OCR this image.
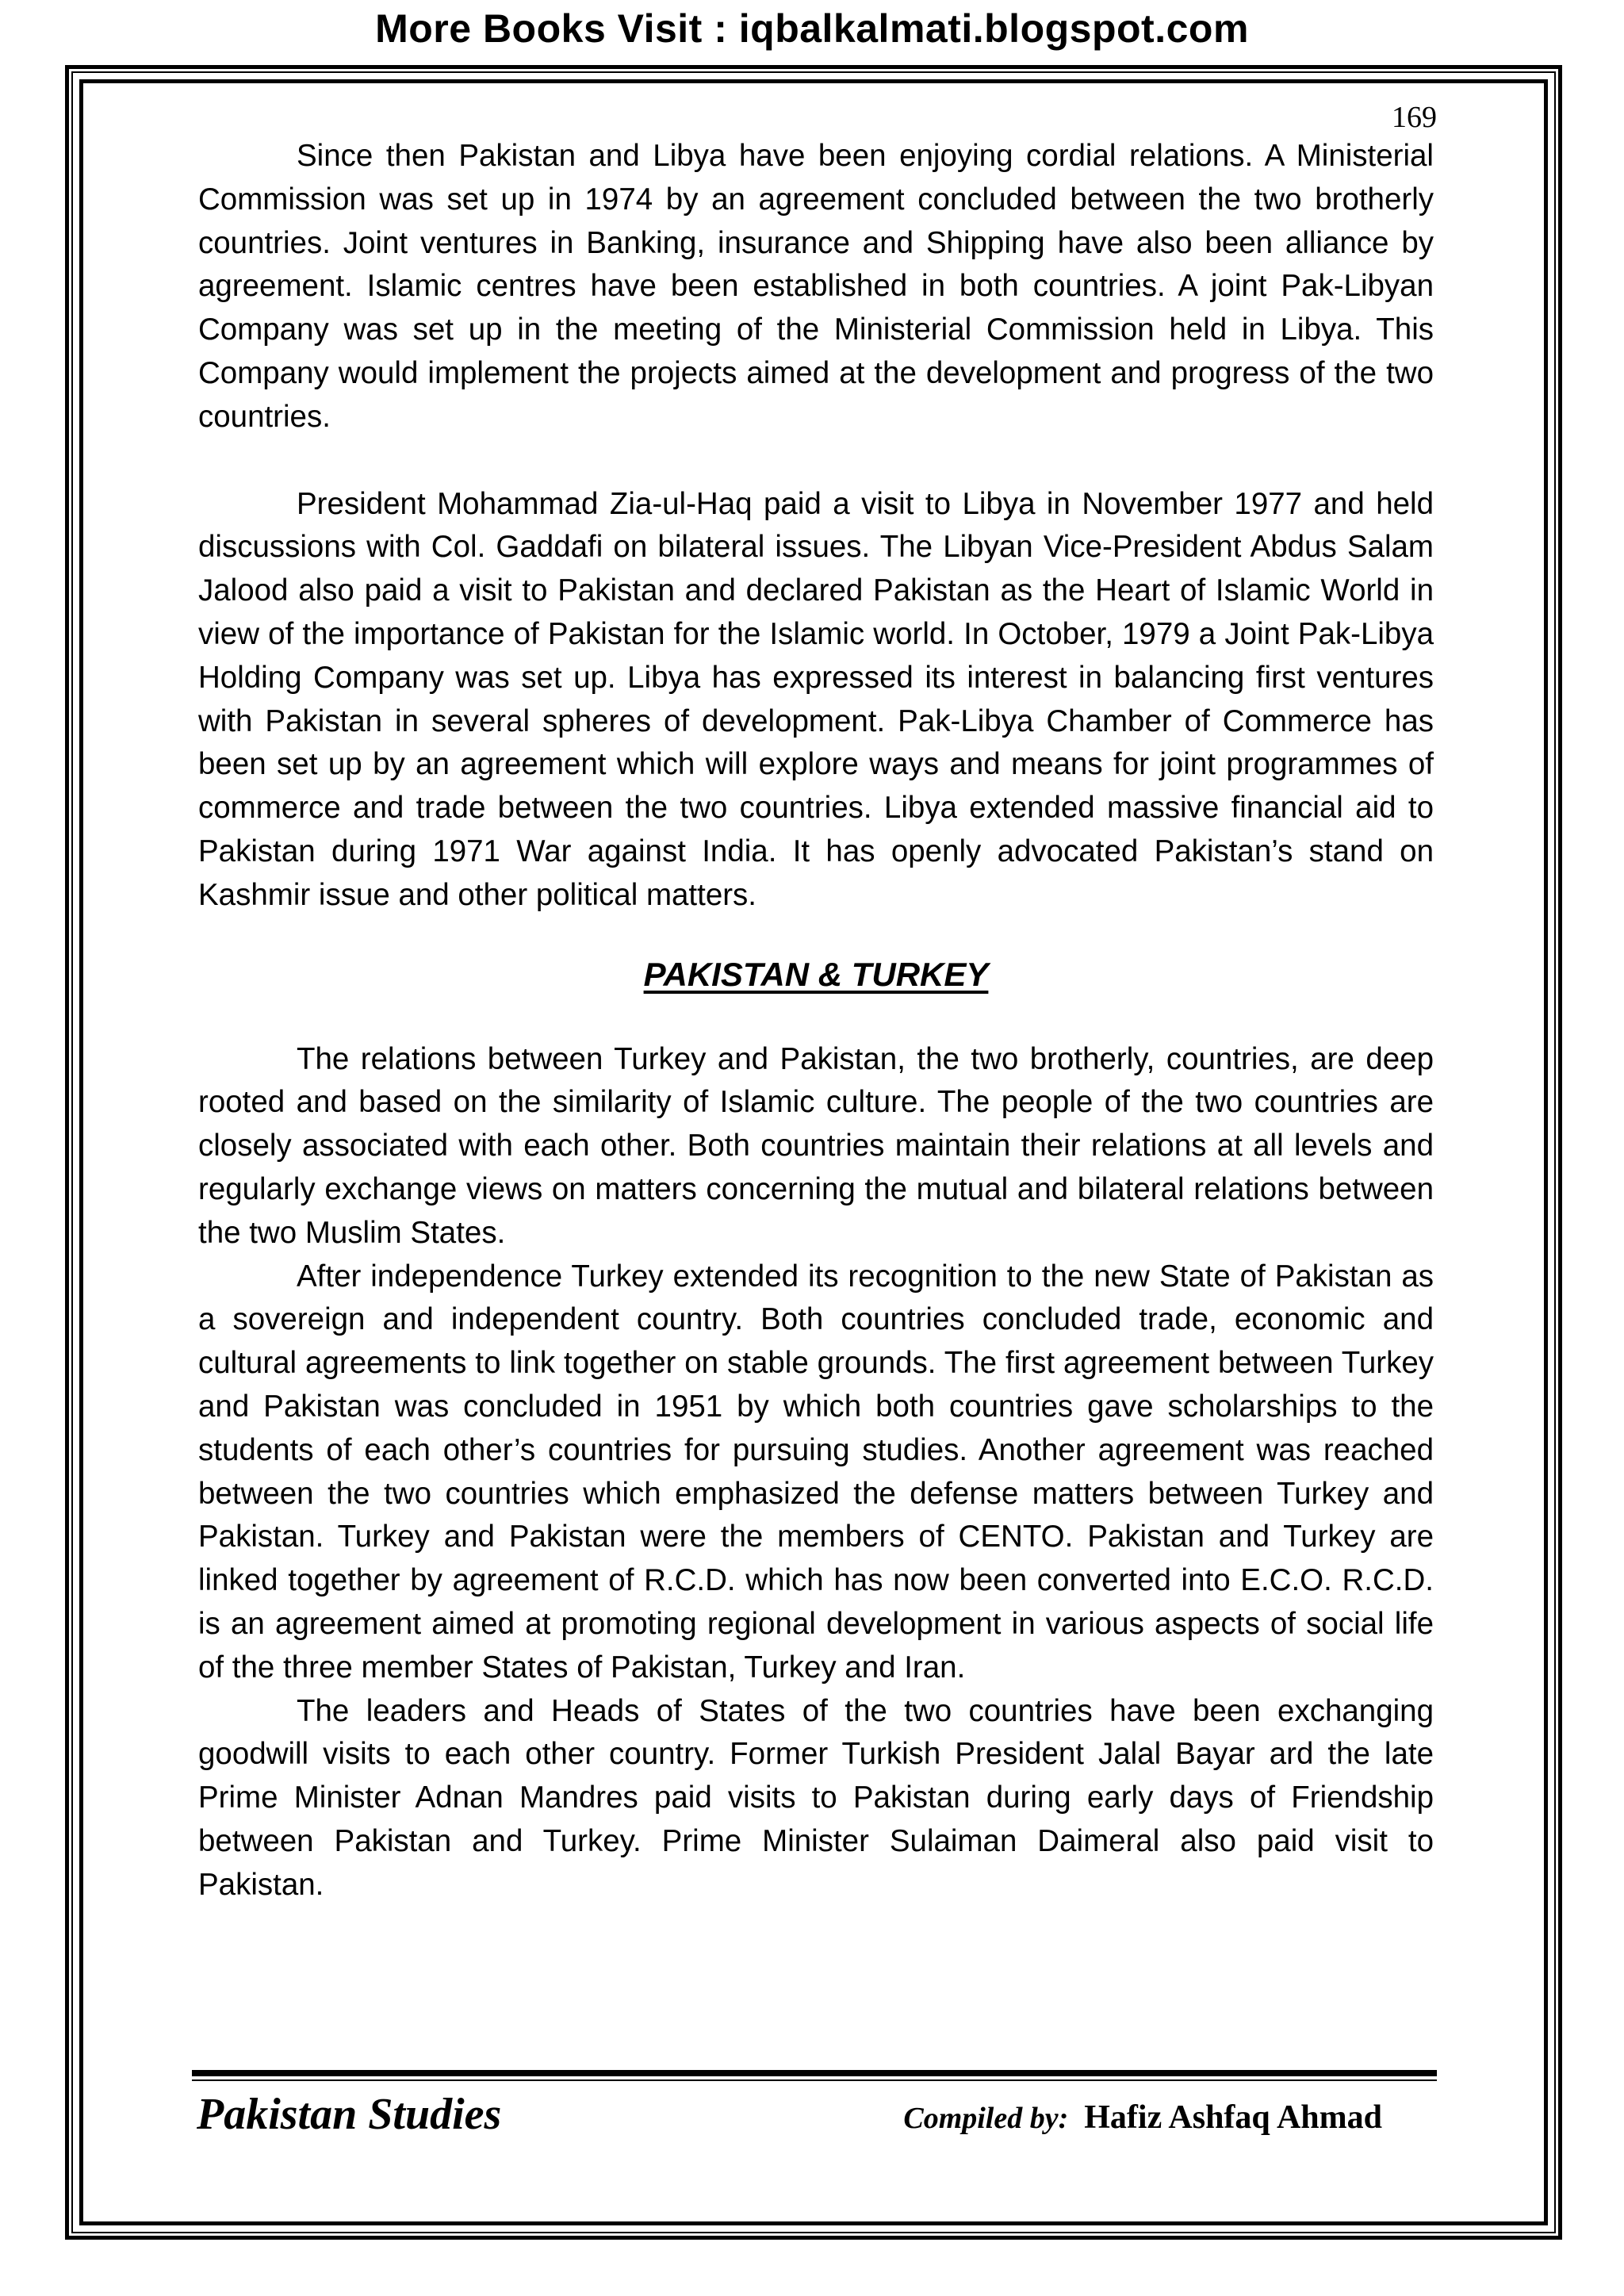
More Books Visit : iqbalkalmati.blogspot.com
169

Since then Pakistan and Libya have been enjoying cordial relations. A Ministerial Commission was set up in 1974 by an agreement concluded between the two brotherly countries. Joint ventures in Banking, insurance and Shipping have also been alliance by agreement. Islamic centres have been established in both countries. A joint Pak-Libyan Company was set up in the meeting of the Ministerial Commission held in Libya. This Company would implement the projects aimed at the development and progress of the two countries.

President Mohammad Zia-ul-Haq paid a visit to Libya in November 1977 and held discussions with Col. Gaddafi on bilateral issues. The Libyan Vice-President Abdus Salam Jalood also paid a visit to Pakistan and declared Pakistan as the Heart of Islamic World in view of the importance of Pakistan for the Islamic world. In October, 1979 a Joint Pak-Libya Holding Company was set up. Libya has expressed its interest in balancing first ventures with Pakistan in several spheres of development. Pak-Libya Chamber of Commerce has been set up by an agreement which will explore ways and means for joint programmes of commerce and trade between the two countries. Libya extended massive financial aid to Pakistan during 1971 War against India. It has openly advocated Pakistan’s stand on Kashmir issue and other political matters.

PAKISTAN & TURKEY

The relations between Turkey and Pakistan, the two brotherly, countries, are deep rooted and based on the similarity of Islamic culture. The people of the two countries are closely associated with each other. Both countries maintain their relations at all levels and regularly exchange views on matters concerning the mutual and bilateral relations between the two Muslim States.

After independence Turkey extended its recognition to the new State of Pakistan as a sovereign and independent country. Both countries concluded trade, economic and cultural agreements to link together on stable grounds. The first agreement between Turkey and Pakistan was concluded in 1951 by which both countries gave scholarships to the students of each other’s countries for pursuing studies. Another agreement was reached between the two countries which emphasized the defense matters between Turkey and Pakistan. Turkey and Pakistan were the members of CENTO. Pakistan and Turkey are linked together by agreement of R.C.D. which has now been converted into E.C.O. R.C.D. is an agreement aimed at promoting regional development in various aspects of social life of the three member States of Pakistan, Turkey and Iran.

The leaders and Heads of States of the two countries have been exchanging goodwill visits to each other country. Former Turkish President Jalal Bayar ard the late Prime Minister Adnan Mandres paid visits to Pakistan during early days of Friendship between Pakistan and Turkey. Prime Minister Sulaiman Daimeral also paid visit to Pakistan.

Pakistan Studies	Compiled by: Hafiz Ashfaq Ahmad
